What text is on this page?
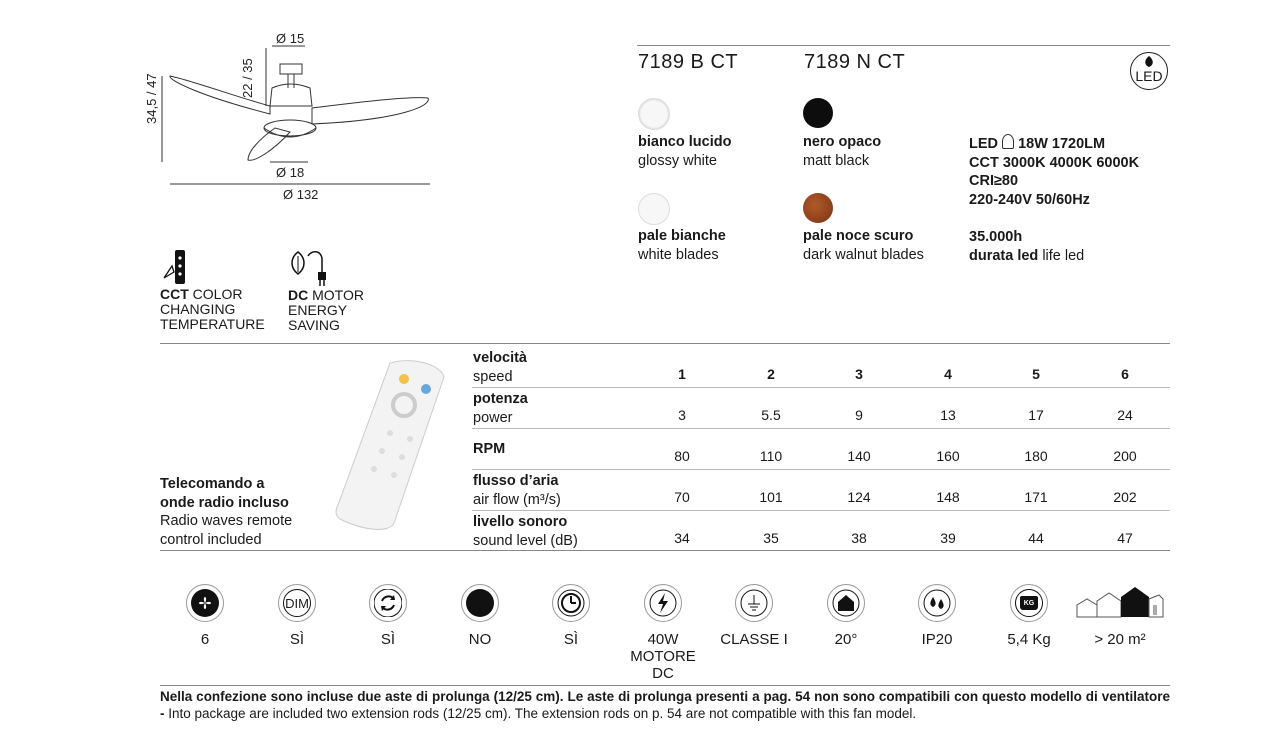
Ø 15
22 / 35
34,5 / 47
Ø 18
Ø 132
CCT COLOR
CHANGING
TEMPERATURE
DC MOTOR
ENERGY
SAVING
7189 B CT	7189 N CT
LED
bianco lucido
glossy white
nero opaco
matt black
pale bianche
white blades
pale noce scuro
dark walnut blades
LED 18W 1720LM
CCT 3000K 4000K 6000K
CRI≥80
220-240V 50/60Hz
35.000h
durata led life led
Telecomando a
onde radio incluso
Radio waves remote
control included
velocità
speed	1	2	3	4	5	6
potenza
power	3	5.5	9	13	17	24
RPM	80	110	140	160	180	200
flusso d’aria
air flow (m³/s)	70	101	124	148	171	202
livello sonoro
sound level (dB)	34	35	38	39	44	47
6
DIM
SÌ	SÌ	NO	SÌ	40W
MOTORE
DC
CLASSE I	20°	IP20
KG
5,4 Kg	> 20 m²
Nella confezione sono incluse due aste di prolunga (12/25 cm). Le aste di prolunga presenti a pag. 54 non sono compatibili con questo modello di ventilatore - Into package are included two extension rods (12/25 cm). The extension rods on p. 54 are not compatible with this fan model.
